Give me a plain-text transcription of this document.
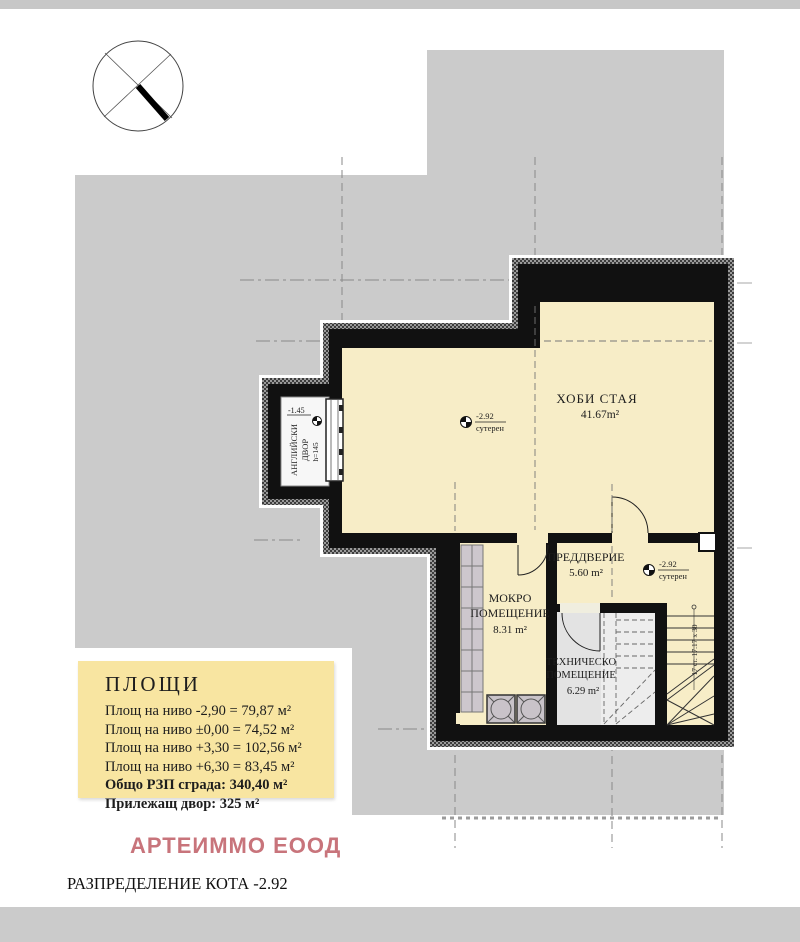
17 ст. 17.17 x 30
-2.92
сутерен
-2.92
сутерен
-1.45
АНГЛИЙСКИ ДВОР h=145
ХОБИ СТАЯ
41.67m²
ПРЕДДВЕРИЕ
5.60 m²
МОКРО
ПОМЕЩЕНИЕ
8.31 m²
ТЕХНИЧЕСКО
ПОМЕЩЕНИЕ
6.29 m²
ПЛОЩИ
Площ на ниво -2,90 = 79,87 м²
Площ на ниво ±0,00 = 74,52 м²
Площ на ниво +3,30 = 102,56 м²
Площ на ниво +6,30 = 83,45 м²
Общо РЗП сграда: 340,40 м²
Прилежащ двор: 325 м²
АРТЕИММО ЕООД
РАЗПРЕДЕЛЕНИЕ КОТА -2.92
